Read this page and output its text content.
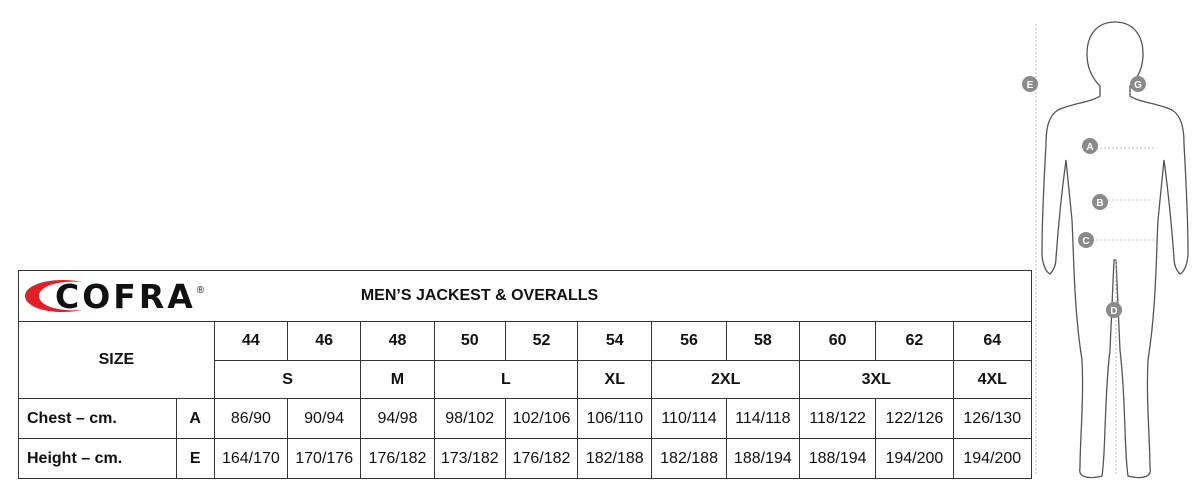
COFRA ®				MEN’S JACKEST & OVERALLS								
SIZE		44	46	48	50	52	54	56	58	60	62	64
		S		M	L		XL	2XL		3XL		4XL
Chest – cm.	A	86/90	90/94	94/98	98/102	102/106	106/110	110/114	114/118	118/122	122/126	126/130
Height – cm.	E	164/170	170/176	176/182	173/182	176/182	182/188	182/188	188/194	188/194	194/200	194/200
E	G
A
B
C
D
